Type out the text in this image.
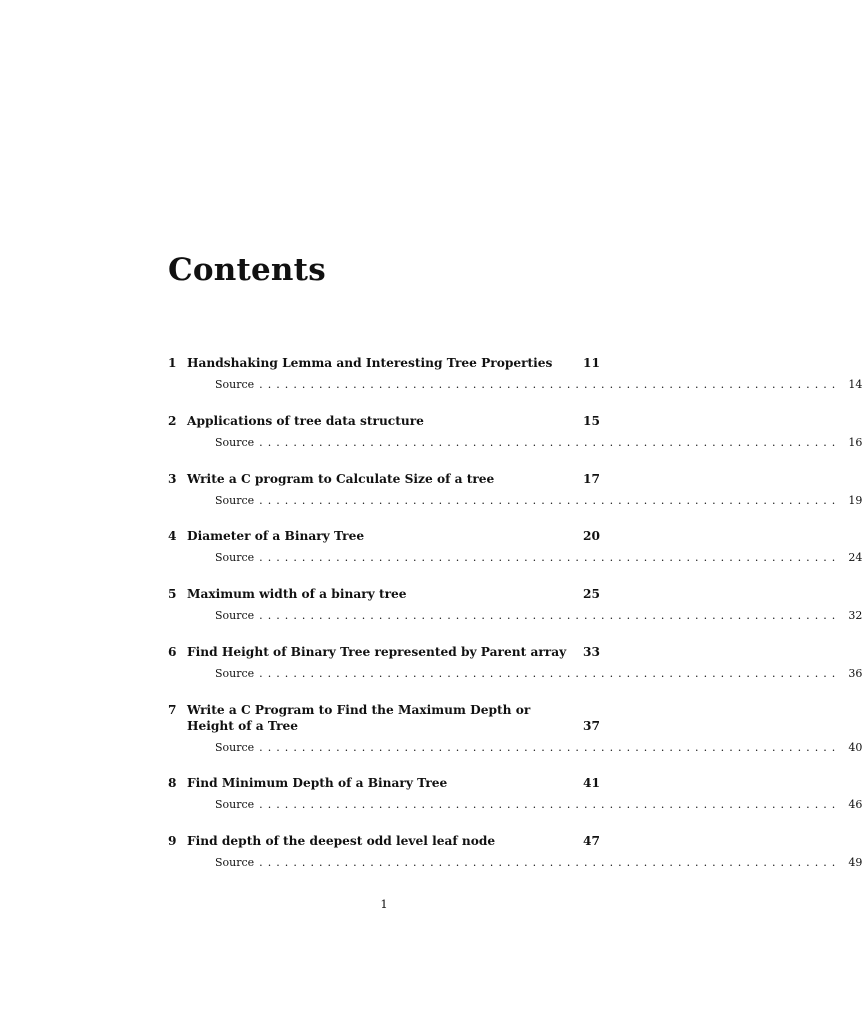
Contents
1 Handshaking Lemma and Interesting Tree Properties	11
Source .................................................................... 14
2 Applications of tree data structure	15
Source .................................................................... 16
3 Write a C program to Calculate Size of a tree	17
Source .................................................................... 19
4 Diameter of a Binary Tree	20
Source .................................................................... 24
5 Maximum width of a binary tree	25
Source .................................................................... 32
6 Find Height of Binary Tree represented by Parent array	33
Source .................................................................... 36
7 Write a C Program to Find the Maximum Depth or Height of a Tree	37
Source .................................................................... 40
8 Find Minimum Depth of a Binary Tree	41
Source .................................................................... 46
9 Find depth of the deepest odd level leaf node	47
Source .................................................................... 49
1
